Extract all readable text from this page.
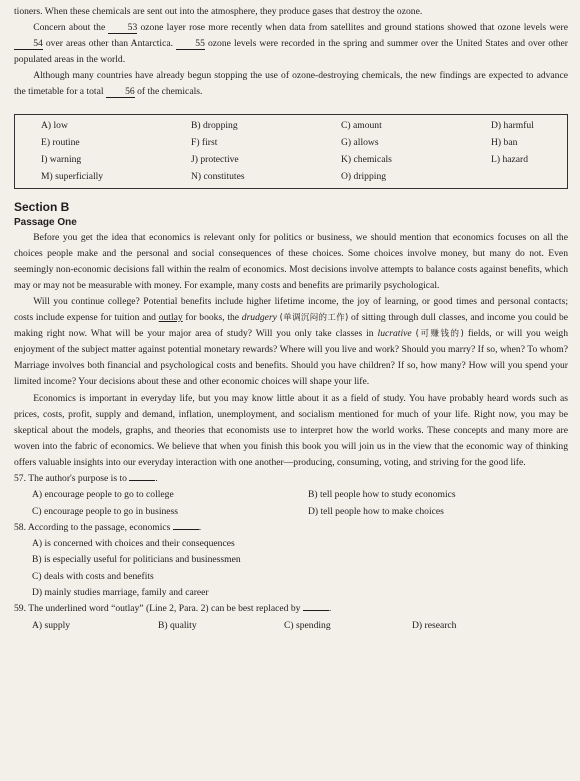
tioners. When these chemicals are sent out into the atmosphere, they produce gases that destroy the ozone.

Concern about the 53 ozone layer rose more recently when data from satellites and ground stations showed that ozone levels were 54 over areas other than Antarctica. 55 ozone levels were recorded in the spring and summer over the United States and over other populated areas in the world.

Although many countries have already begun stopping the use of ozone-destroying chemicals, the new findings are expected to advance the timetable for a total 56 of the chemicals.

A) low	B) dropping	C) amount	D) harmful
E) routine	F) first	G) allows	H) ban
I) warning	J) protective	K) chemicals	L) hazard
M) superficially	N) constitutes	O) dripping
Section B
Passage One

Before you get the idea that economics is relevant only for politics or business, we should mention that economics focuses on all the choices people make and the personal and social consequences of these choices. Some choices involve money, but many do not. Even seemingly non-economic decisions fall within the realm of economics. Most decisions involve attempts to balance costs against benefits, which may or may not be measurable with money. For example, many costs and benefits are primarily psychological.

Will you continue college? Potential benefits include higher lifetime income, the joy of learning, or good times and personal contacts; costs include expense for tuition and outlay for books, the drudgery (单调沉闷的工作) of sitting through dull classes, and income you could be making right now. What will be your major area of study? Will you only take classes in lucrative (可赚钱的) fields, or will you weigh enjoyment of the subject matter against potential monetary rewards? Where will you live and work? Should you marry? If so, when? To whom? Marriage involves both financial and psychological costs and benefits. Should you have children? If so, how many? How will you spend your limited income? Your decisions about these and other economic choices will shape your life.

Economics is important in everyday life, but you may know little about it as a field of study. You have probably heard words such as prices, costs, profit, supply and demand, inflation, unemployment, and socialism mentioned for much of your life. Right now, you may be skeptical about the models, graphs, and theories that economists use to interpret how the world works. These concepts and many more are woven into the fabric of economics. We believe that when you finish this book you will join us in the view that the economic way of thinking offers valuable insights into our everyday interaction with one another—producing, consuming, voting, and striving for the good life.

57. The author's purpose is to	.
A) encourage people to go to college	B) tell people how to study economics
C) encourage people to go in business	D) tell people how to make choices
58. According to the passage, economics	.
A) is concerned with choices and their consequences
B) is especially useful for politicians and businessmen
C) deals with costs and benefits
D) mainly studies marriage, family and career
59. The underlined word “outlay” (Line 2, Para. 2) can be best replaced by	.
A) supply	B) quality	C) spending	D) research
